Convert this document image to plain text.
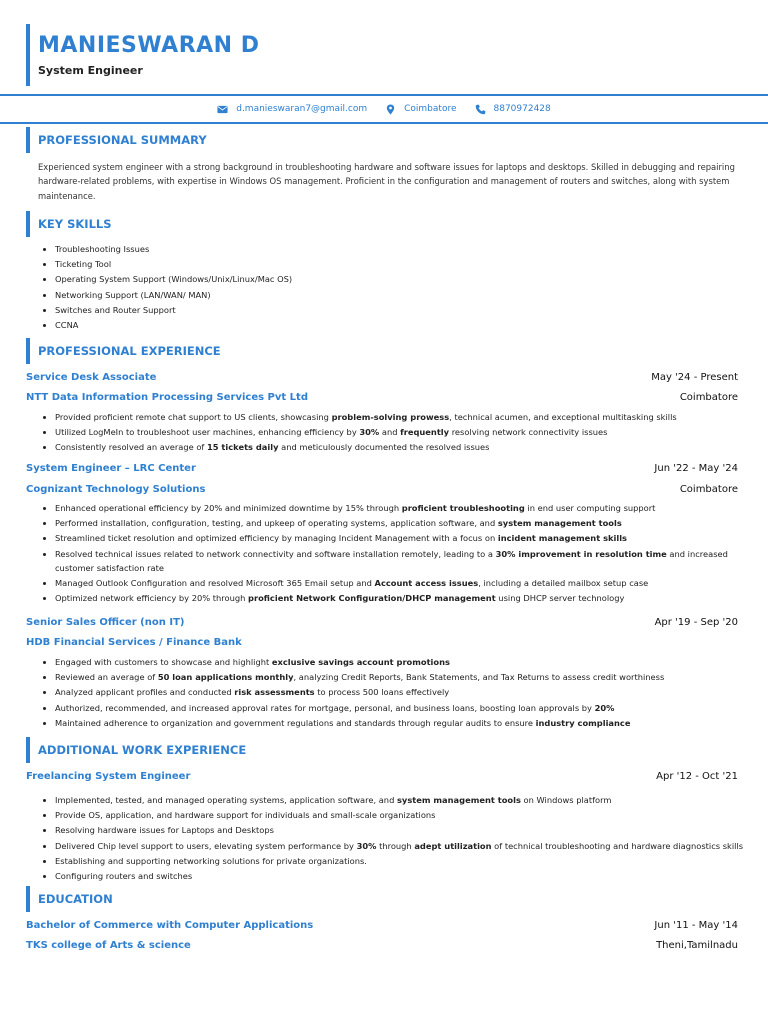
MANIESWARAN D
System Engineer
d.manieswaran7@gmail.com	Coimbatore	8870972428
PROFESSIONAL SUMMARY
Experienced system engineer with a strong background in troubleshooting hardware and software issues for laptops and desktops. Skilled in debugging and repairing hardware-related problems, with expertise in Windows OS management. Proficient in the configuration and management of routers and switches, along with system maintenance.
KEY SKILLS
Troubleshooting Issues
Ticketing Tool
Operating System Support (Windows/Unix/Linux/Mac OS)
Networking Support (LAN/WAN/ MAN)
Switches and Router Support
CCNA
PROFESSIONAL EXPERIENCE
Service Desk Associate	May '24 - Present
NTT Data Information Processing Services Pvt Ltd	Coimbatore
Provided proficient remote chat support to US clients, showcasing problem-solving prowess, technical acumen, and exceptional multitasking skills
Utilized LogMeIn to troubleshoot user machines, enhancing efficiency by 30% and frequently resolving network connectivity issues
Consistently resolved an average of 15 tickets daily and meticulously documented the resolved issues
System Engineer – LRC Center	Jun '22 - May '24
Cognizant Technology Solutions	Coimbatore
Enhanced operational efficiency by 20% and minimized downtime by 15% through proficient troubleshooting in end user computing support
Performed installation, configuration, testing, and upkeep of operating systems, application software, and system management tools
Streamlined ticket resolution and optimized efficiency by managing Incident Management with a focus on incident management skills
Resolved technical issues related to network connectivity and software installation remotely, leading to a 30% improvement in resolution time and increased customer satisfaction rate
Managed Outlook Configuration and resolved Microsoft 365 Email setup and Account access issues, including a detailed mailbox setup case
Optimized network efficiency by 20% through proficient Network Configuration/DHCP management using DHCP server technology
Senior Sales Officer (non IT)	Apr '19 - Sep '20
HDB Financial Services / Finance Bank
Engaged with customers to showcase and highlight exclusive savings account promotions
Reviewed an average of 50 loan applications monthly, analyzing Credit Reports, Bank Statements, and Tax Returns to assess credit worthiness
Analyzed applicant profiles and conducted risk assessments to process 500 loans effectively
Authorized, recommended, and increased approval rates for mortgage, personal, and business loans, boosting loan approvals by 20%
Maintained adherence to organization and government regulations and standards through regular audits to ensure industry compliance
ADDITIONAL WORK EXPERIENCE
Freelancing System Engineer	Apr '12 - Oct '21
Implemented, tested, and managed operating systems, application software, and system management tools on Windows platform
Provide OS, application, and hardware support for individuals and small-scale organizations
Resolving hardware issues for Laptops and Desktops
Delivered Chip level support to users, elevating system performance by 30% through adept utilization of technical troubleshooting and hardware diagnostics skills
Establishing and supporting networking solutions for private organizations.
Configuring routers and switches
EDUCATION
Bachelor of Commerce with Computer Applications	Jun '11 - May '14
TKS college of Arts & science	Theni,Tamilnadu
